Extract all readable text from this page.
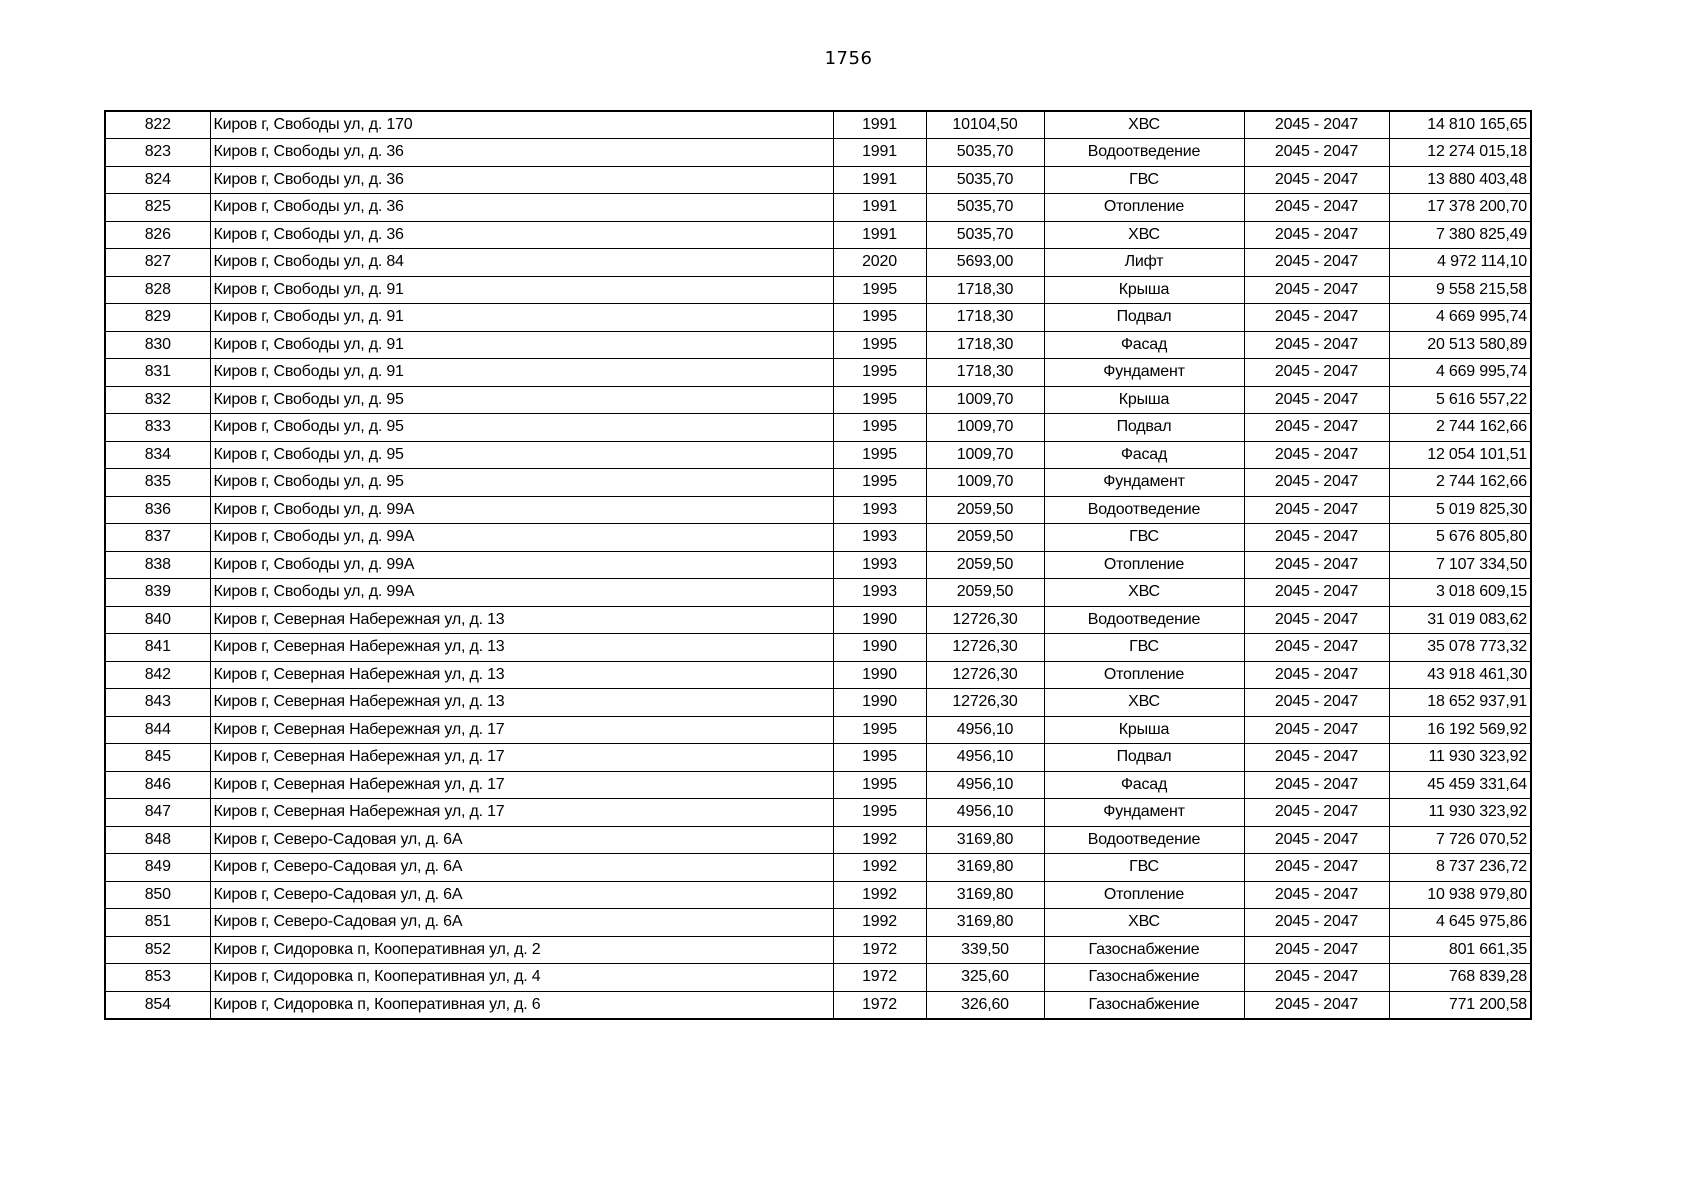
1756
822	Киров г, Свободы ул, д. 170	1991	10104,50	ХВС	2045 - 2047	14 810 165,65
823	Киров г, Свободы ул, д. 36	1991	5035,70	Водоотведение	2045 - 2047	12 274 015,18
824	Киров г, Свободы ул, д. 36	1991	5035,70	ГВС	2045 - 2047	13 880 403,48
825	Киров г, Свободы ул, д. 36	1991	5035,70	Отопление	2045 - 2047	17 378 200,70
826	Киров г, Свободы ул, д. 36	1991	5035,70	ХВС	2045 - 2047	7 380 825,49
827	Киров г, Свободы ул, д. 84	2020	5693,00	Лифт	2045 - 2047	4 972 114,10
828	Киров г, Свободы ул, д. 91	1995	1718,30	Крыша	2045 - 2047	9 558 215,58
829	Киров г, Свободы ул, д. 91	1995	1718,30	Подвал	2045 - 2047	4 669 995,74
830	Киров г, Свободы ул, д. 91	1995	1718,30	Фасад	2045 - 2047	20 513 580,89
831	Киров г, Свободы ул, д. 91	1995	1718,30	Фундамент	2045 - 2047	4 669 995,74
832	Киров г, Свободы ул, д. 95	1995	1009,70	Крыша	2045 - 2047	5 616 557,22
833	Киров г, Свободы ул, д. 95	1995	1009,70	Подвал	2045 - 2047	2 744 162,66
834	Киров г, Свободы ул, д. 95	1995	1009,70	Фасад	2045 - 2047	12 054 101,51
835	Киров г, Свободы ул, д. 95	1995	1009,70	Фундамент	2045 - 2047	2 744 162,66
836	Киров г, Свободы ул, д. 99А	1993	2059,50	Водоотведение	2045 - 2047	5 019 825,30
837	Киров г, Свободы ул, д. 99А	1993	2059,50	ГВС	2045 - 2047	5 676 805,80
838	Киров г, Свободы ул, д. 99А	1993	2059,50	Отопление	2045 - 2047	7 107 334,50
839	Киров г, Свободы ул, д. 99А	1993	2059,50	ХВС	2045 - 2047	3 018 609,15
840	Киров г, Северная Набережная ул, д. 13	1990	12726,30	Водоотведение	2045 - 2047	31 019 083,62
841	Киров г, Северная Набережная ул, д. 13	1990	12726,30	ГВС	2045 - 2047	35 078 773,32
842	Киров г, Северная Набережная ул, д. 13	1990	12726,30	Отопление	2045 - 2047	43 918 461,30
843	Киров г, Северная Набережная ул, д. 13	1990	12726,30	ХВС	2045 - 2047	18 652 937,91
844	Киров г, Северная Набережная ул, д. 17	1995	4956,10	Крыша	2045 - 2047	16 192 569,92
845	Киров г, Северная Набережная ул, д. 17	1995	4956,10	Подвал	2045 - 2047	11 930 323,92
846	Киров г, Северная Набережная ул, д. 17	1995	4956,10	Фасад	2045 - 2047	45 459 331,64
847	Киров г, Северная Набережная ул, д. 17	1995	4956,10	Фундамент	2045 - 2047	11 930 323,92
848	Киров г, Северо-Садовая ул, д. 6А	1992	3169,80	Водоотведение	2045 - 2047	7 726 070,52
849	Киров г, Северо-Садовая ул, д. 6А	1992	3169,80	ГВС	2045 - 2047	8 737 236,72
850	Киров г, Северо-Садовая ул, д. 6А	1992	3169,80	Отопление	2045 - 2047	10 938 979,80
851	Киров г, Северо-Садовая ул, д. 6А	1992	3169,80	ХВС	2045 - 2047	4 645 975,86
852	Киров г, Сидоровка п, Кооперативная ул, д. 2	1972	339,50	Газоснабжение	2045 - 2047	801 661,35
853	Киров г, Сидоровка п, Кооперативная ул, д. 4	1972	325,60	Газоснабжение	2045 - 2047	768 839,28
854	Киров г, Сидоровка п, Кооперативная ул, д. 6	1972	326,60	Газоснабжение	2045 - 2047	771 200,58
